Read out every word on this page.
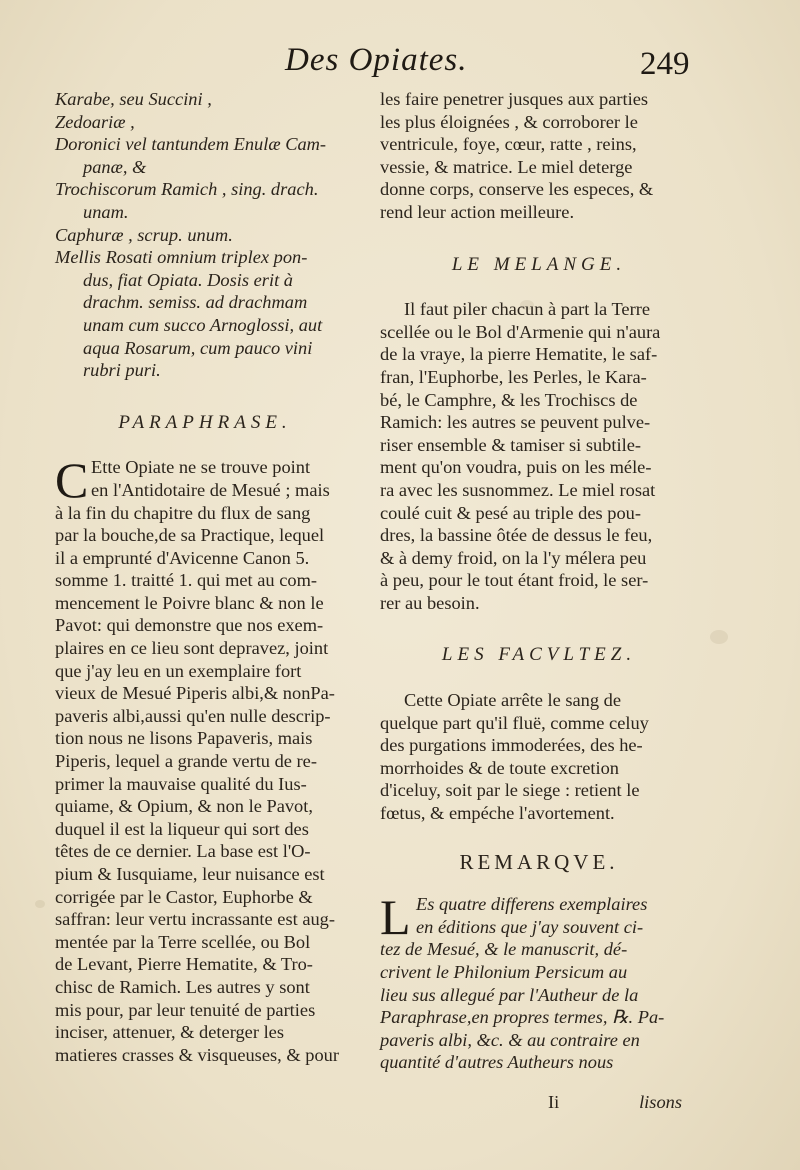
Des Opiates.	249
Karabe, seu Succini ,
Zedoariæ ,
Doronici vel tantundem Enulæ Cam-
panæ, &
Trochiscorum Ramich , sing. drach.
unam.
Caphuræ , scrup. unum.
Mellis Rosati omnium triplex pon-
dus, fiat Opiata. Dosis erit à
drachm. semiss. ad drachmam
unam cum succo Arnoglossi, aut
aqua Rosarum, cum pauco vini
rubri puri.
PARAPHRASE.
C Ette Opiate ne se trouve point
en l'Antidotaire de Mesué ; mais
à la fin du chapitre du flux de sang
par la bouche,de sa Practique, lequel
il a emprunté d'Avicenne Canon 5.
somme 1. traitté 1. qui met au com-
mencement le Poivre blanc & non le
Pavot: qui demonstre que nos exem-
plaires en ce lieu sont depravez, joint
que j'ay leu en un exemplaire fort
vieux de Mesué Piperis albi,& nonPa-
paveris albi,aussi qu'en nulle descrip-
tion nous ne lisons Papaveris, mais
Piperis, lequel a grande vertu de re-
primer la mauvaise qualité du Ius-
quiame, & Opium, & non le Pavot,
duquel il est la liqueur qui sort des
têtes de ce dernier. La base est l'O-
pium & Iusquiame, leur nuisance est
corrigée par le Castor, Euphorbe &
saffran: leur vertu incrassante est aug-
mentée par la Terre scellée, ou Bol
de Levant, Pierre Hematite, & Tro-
chisc de Ramich. Les autres y sont
mis pour, par leur tenuité de parties
inciser, attenuer, & deterger les
matieres crasses & visqueuses, & pour
les faire penetrer jusques aux parties
les plus éloignées , & corroborer le
ventricule, foye, cœur, ratte , reins,
vessie, & matrice. Le miel deterge
donne corps, conserve les especes, &
rend leur action meilleure.
LE MELANGE.
Il faut piler chacun à part la Terre
scellée ou le Bol d'Armenie qui n'aura
de la vraye, la pierre Hematite, le saf-
fran, l'Euphorbe, les Perles, le Kara-
bé, le Camphre, & les Trochiscs de
Ramich: les autres se peuvent pulve-
riser ensemble & tamiser si subtile-
ment qu'on voudra, puis on les méle-
ra avec les susnommez. Le miel rosat
coulé cuit & pesé au triple des pou-
dres, la bassine ôtée de dessus le feu,
& à demy froid, on la l'y mélera peu
à peu, pour le tout étant froid, le ser-
rer au besoin.
LES FACVLTEZ.
Cette Opiate arrête le sang de
quelque part qu'il fluë, comme celuy
des purgations immoderées, des he-
morrhoides & de toute excretion
d'iceluy, soit par le siege : retient le
fœtus, & empéche l'avortement.
REMARQVE.
L Es quatre differens exemplaires
en éditions que j'ay souvent ci-
tez de Mesué, & le manuscrit, dé-
crivent le Philonium Persicum au
lieu sus allegué par l'Autheur de la
Paraphrase,en propres termes, ℞. Pa-
paveris albi, &c. & au contraire en
quantité d'autres Autheurs nous
Ii	lisons
